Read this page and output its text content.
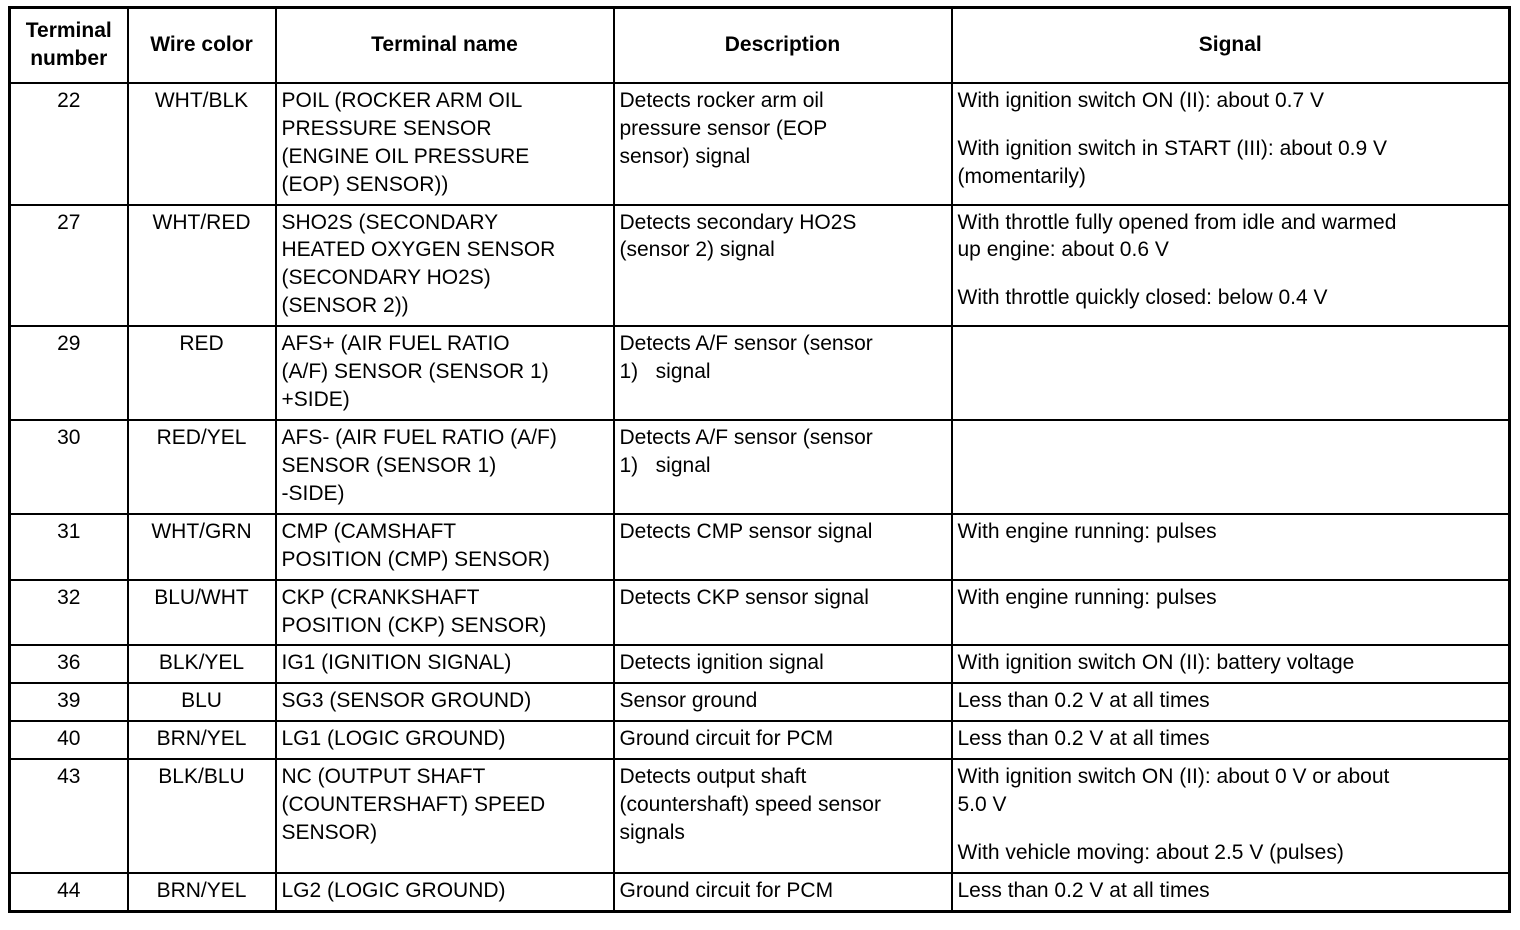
Terminal
number	Wire color	Terminal name	Description	Signal

22	WHT/BLK	POIL (ROCKER ARM OIL
PRESSURE SENSOR
(ENGINE OIL PRESSURE
(EOP) SENSOR))	Detects rocker arm oil
pressure sensor (EOP
sensor) signal	With ignition switch ON (II): about 0.7 V
With ignition switch in START (III): about 0.9 V
(momentarily)

27	WHT/RED	SHO2S (SECONDARY
HEATED OXYGEN SENSOR
(SECONDARY HO2S)
(SENSOR 2))	Detects secondary HO2S
(sensor 2) signal	With throttle fully opened from idle and warmed
up engine: about 0.6 V
With throttle quickly closed: below 0.4 V

29	RED	AFS+ (AIR FUEL RATIO
(A/F) SENSOR (SENSOR 1)
+SIDE)	Detects A/F sensor (sensor
1)   signal	

30	RED/YEL	AFS- (AIR FUEL RATIO (A/F)
SENSOR (SENSOR 1)
-SIDE)	Detects A/F sensor (sensor
1)   signal	

31	WHT/GRN	CMP (CAMSHAFT
POSITION (CMP) SENSOR)	Detects CMP sensor signal	With engine running: pulses

32	BLU/WHT	CKP (CRANKSHAFT
POSITION (CKP) SENSOR)	Detects CKP sensor signal	With engine running: pulses

36	BLK/YEL	IG1 (IGNITION SIGNAL)	Detects ignition signal	With ignition switch ON (II): battery voltage

39	BLU	SG3 (SENSOR GROUND)	Sensor ground	Less than 0.2 V at all times

40	BRN/YEL	LG1 (LOGIC GROUND)	Ground circuit for PCM	Less than 0.2 V at all times

43	BLK/BLU	NC (OUTPUT SHAFT
(COUNTERSHAFT) SPEED
SENSOR)	Detects output shaft
(countershaft) speed sensor
signals	With ignition switch ON (II): about 0 V or about
5.0 V
With vehicle moving: about 2.5 V (pulses)

44	BRN/YEL	LG2 (LOGIC GROUND)	Ground circuit for PCM	Less than 0.2 V at all times
